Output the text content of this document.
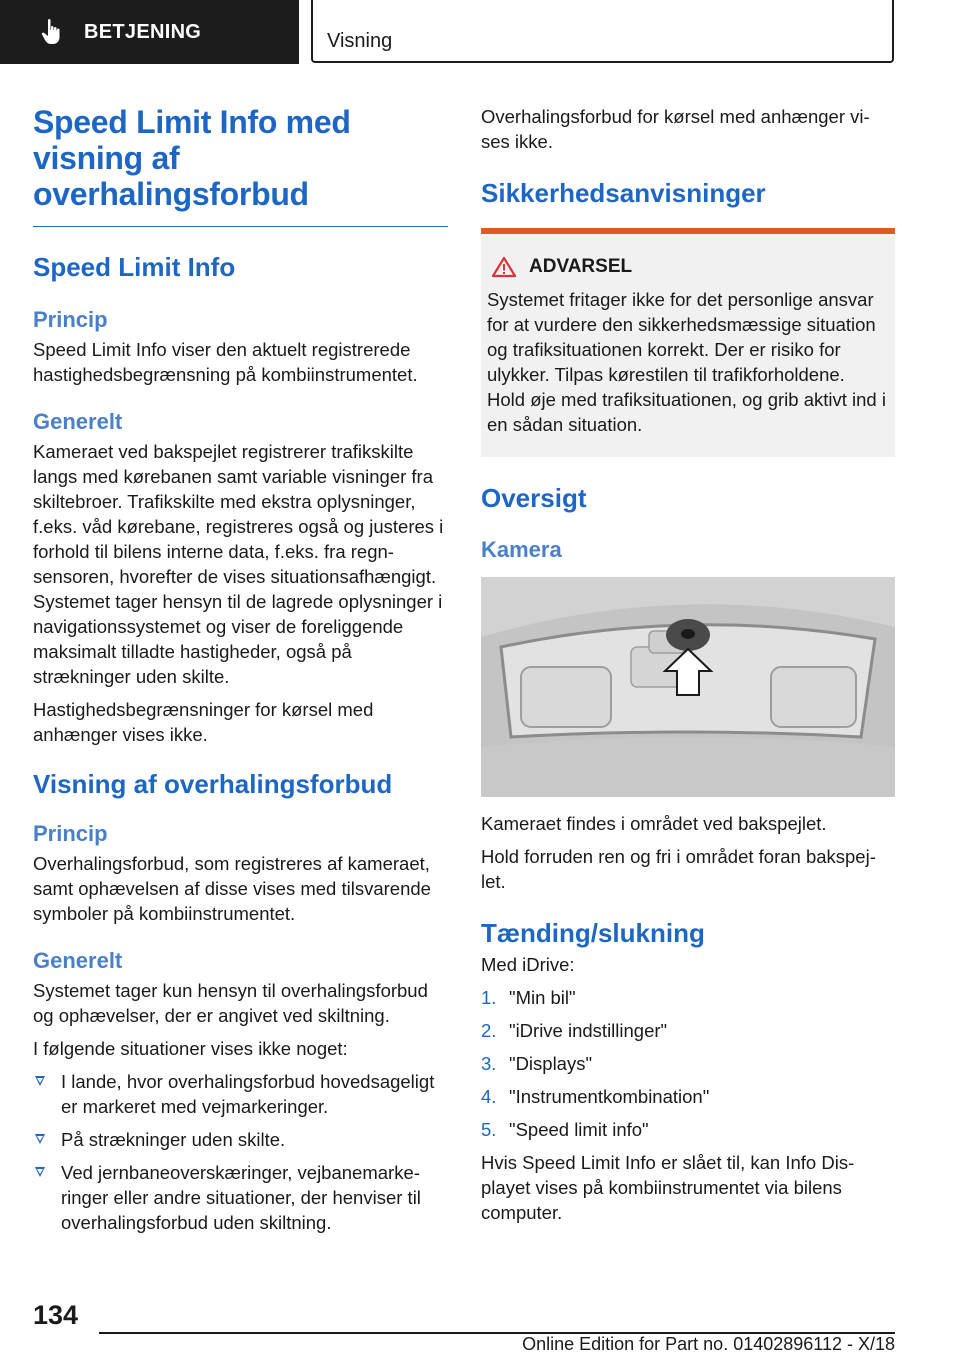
BETJENING	Visning
Speed Limit Info med visning af overhalingsforbud
Speed Limit Info
Princip

Speed Limit Info viser den aktuelt registrerede hastighedsbegrænsning på kombiinstrumentet.

Generelt

Kameraet ved bakspejlet registrerer trafikskilte langs med kørebanen samt variable visninger fra skiltebroer. Trafikskilte med ekstra oplysninger, f.eks. våd kørebane, registreres også og justeres i forhold til bilens interne data, f.eks. fra regn-sensoren, hvorefter de vises situationsafhængigt. Systemet tager hensyn til de lagrede oplysninger i navigationssystemet og viser de foreliggende maksimalt tilladte hastigheder, også på strækninger uden skilte.

Hastighedsbegrænsninger for kørsel med anhænger vises ikke.

Visning af overhalingsforbud
Princip

Overhalingsforbud, som registreres af kameraet, samt ophævelsen af disse vises med tilsvarende symboler på kombiinstrumentet.

Generelt

Systemet tager kun hensyn til overhalingsforbud og ophævelser, der er angivet ved skiltning.

I følgende situationer vises ikke noget:

I lande, hvor overhalingsforbud hovedsageligt er markeret med vejmarkeringer.
På strækninger uden skilte.
Ved jernbaneoverskæringer, vejbanemarke-ringer eller andre situationer, der henviser til overhalingsforbud uden skiltning.

Overhalingsforbud for kørsel med anhænger vi-ses ikke.

Sikkerhedsanvisninger
ADVARSEL

Systemet fritager ikke for det personlige ansvar for at vurdere den sikkerhedsmæssige situation og trafiksituationen korrekt. Der er risiko for ulykker. Tilpas kørestilen til trafikforholdene. Hold øje med trafiksituationen, og grib aktivt ind i en sådan situation.

Oversigt
Kamera

Kameraet findes i området ved bakspejlet.

Hold forruden ren og fri i området foran bakspej-let.

Tænding/slukning

Med iDrive:

1. "Min bil"
2. "iDrive indstillinger"
3. "Displays"
4. "Instrumentkombination"
5. "Speed limit info"

Hvis Speed Limit Info er slået til, kan Info Dis-playet vises på kombiinstrumentet via bilens computer.

134
Online Edition for Part no. 01402896112 - X/18
